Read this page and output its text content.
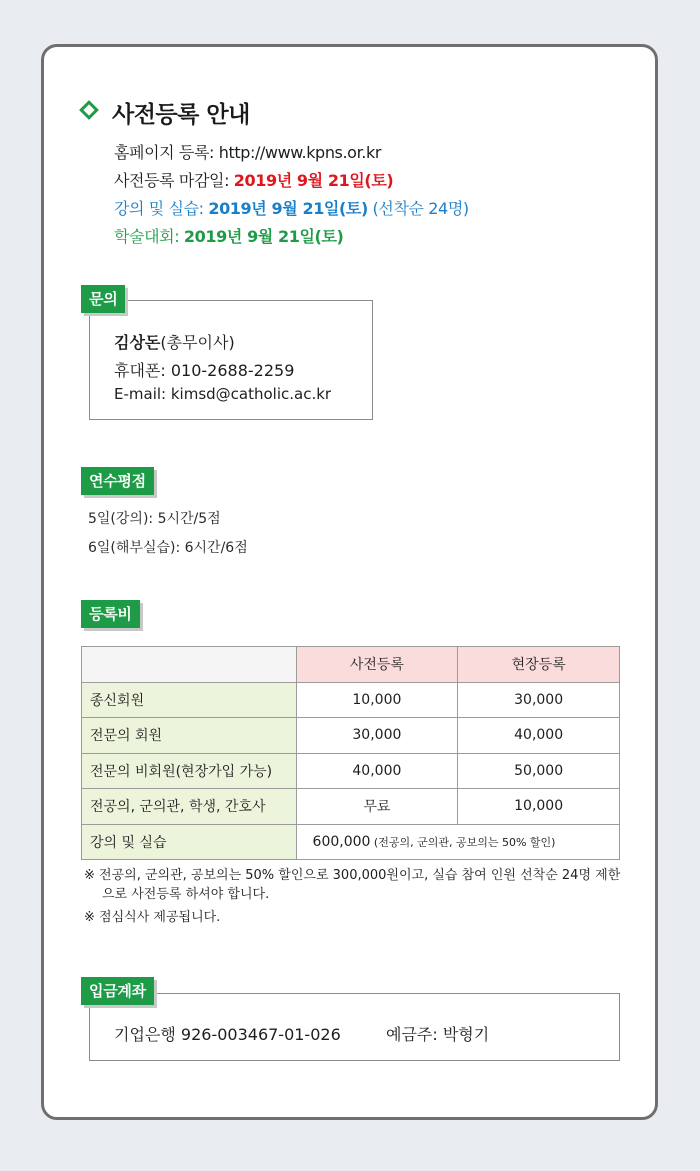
사전등록 안내
홈페이지 등록: http://www.kpns.or.kr
사전등록 마감일: 2019년 9월 21일(토)
강의 및 실습: 2019년 9월 21일(토) (선착순 24명)
학술대회: 2019년 9월 21일(토)
문의
김상돈(총무이사)
휴대폰: 010-2688-2259
E-mail: kimsd@catholic.ac.kr
연수평점
5일(강의): 5시간/5점
6일(해부실습): 6시간/6점
등록비
	사전등록	현장등록
종신회원	10,000	30,000
전문의 회원	30,000	40,000
전문의 비회원(현장가입 가능)	40,000	50,000
전공의, 군의관, 학생, 간호사	무료	10,000
강의 및 실습	600,000 (전공의, 군의관, 공보의는 50% 할인)	

※ 전공의, 군의관, 공보의는 50% 할인으로 300,000원이고, 실습 참여 인원 선착순 24명 제한으로 사전등록 하셔야 합니다.

※ 점심식사 제공됩니다.

입금계좌
기업은행 926-003467-01-026	예금주: 박형기
